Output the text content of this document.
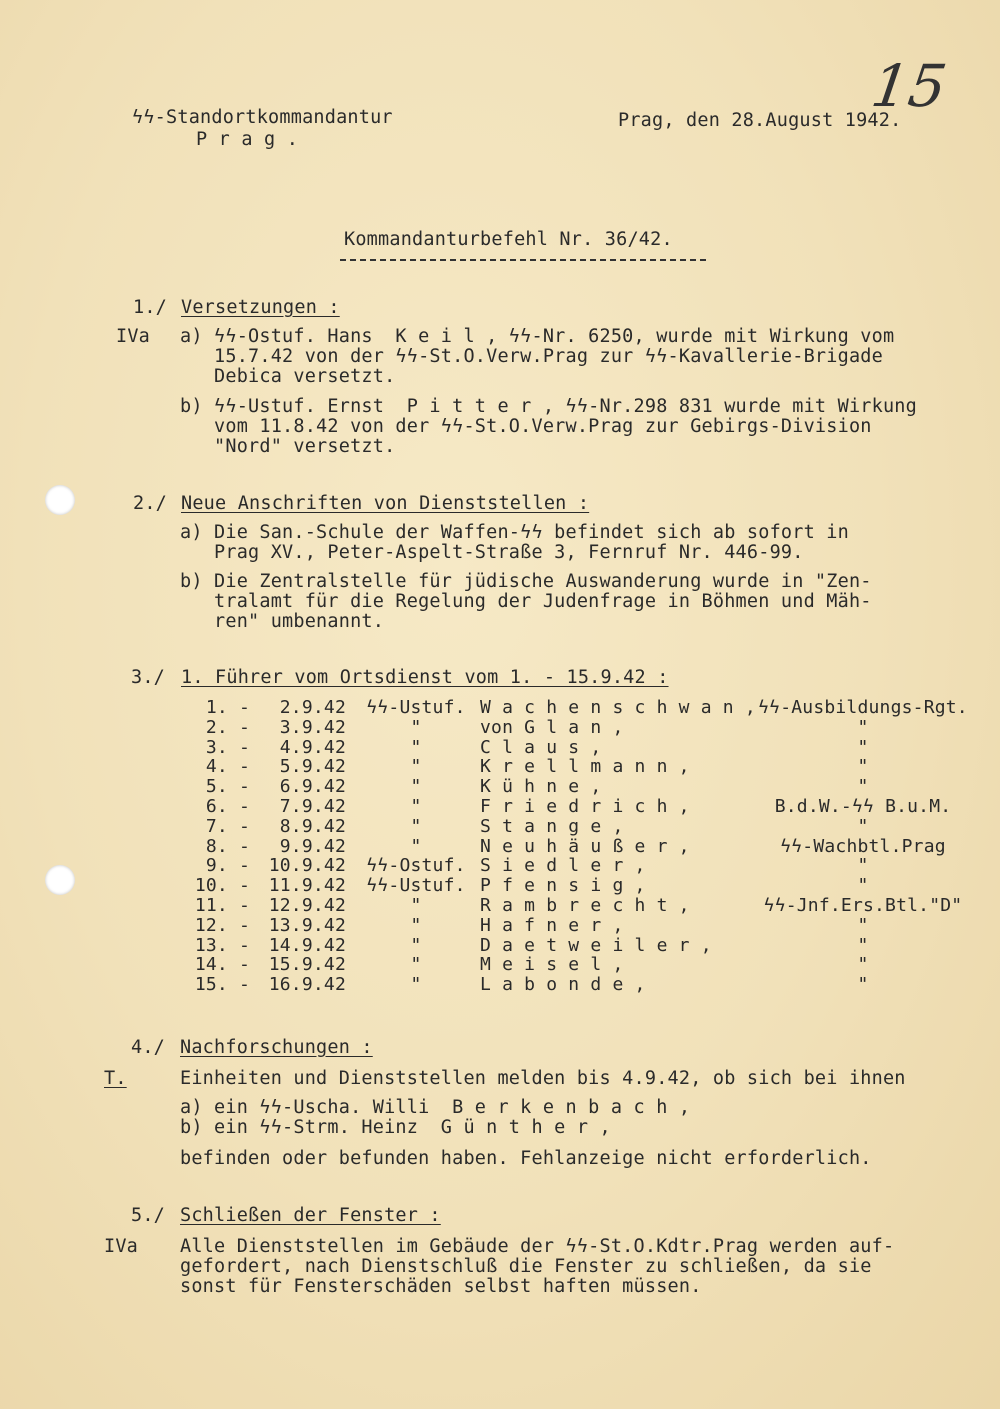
15
ϟϟ-Standortkommandantur
P r a g .
Prag, den 28.August 1942.
Kommandanturbefehl Nr. 36/42.
1./ Versetzungen :
IVa a) ϟϟ-Ostuf. Hans  K e i l , ϟϟ-Nr. 6250, wurde mit Wirkung vom
15.7.42 von der ϟϟ-St.O.Verw.Prag zur ϟϟ-Kavallerie-Brigade
Debica versetzt.
b) ϟϟ-Ustuf. Ernst  P i t t e r , ϟϟ-Nr.298 831 wurde mit Wirkung
vom 11.8.42 von der ϟϟ-St.O.Verw.Prag zur Gebirgs-Division
"Nord" versetzt.
2./ Neue Anschriften von Dienststellen :
a) Die San.-Schule der Waffen-ϟϟ befindet sich ab sofort in
Prag XV., Peter-Aspelt-Straße 3, Fernruf Nr. 446-99.
b) Die Zentralstelle für jüdische Auswanderung wurde in "Zen-
tralamt für die Regelung der Judenfrage in Böhmen und Mäh-
ren" umbenannt.
3./ 1. Führer vom Ortsdienst vom 1. - 15.9.42 :
1. -	2.9.42 ϟϟ-Ustuf. W a c h e n s c h w a n , ϟϟ-Ausbildungs-Rgt.
2. -	3.9.42	"	von G l a n ,	"
3. -	4.9.42	"	C l a u s ,	"
4. -	5.9.42	"	K r e l l m a n n ,	"
5. -	6.9.42	"	K ü h n e ,	"
6. -	7.9.42	"	F r i e d r i c h ,	B.d.W.-ϟϟ B.u.M.
7. -	8.9.42	"	S t a n g e ,	"
8. -	9.9.42	"	N e u h ä u ß e r ,	ϟϟ-Wachbtl.Prag
9. -	10.9.42 ϟϟ-Ostuf. S i e d l e r ,	"
10. -	11.9.42 ϟϟ-Ustuf. P f e n s i g ,	"
11. -	12.9.42	"	R a m b r e c h t ,	ϟϟ-Jnf.Ers.Btl."D"
12. -	13.9.42	"	H a f n e r ,	"
13. -	14.9.42	"	D a e t w e i l e r ,	"
14. -	15.9.42	"	M e i s e l ,	"
15. -	16.9.42	"	L a b o n d e ,	"
4./ Nachforschungen :
T.	Einheiten und Dienststellen melden bis 4.9.42, ob sich bei ihnen
a) ein ϟϟ-Uscha. Willi  B e r k e n b a c h ,
b) ein ϟϟ-Strm. Heinz  G ü n t h e r ,
befinden oder befunden haben. Fehlanzeige nicht erforderlich.
5./ Schließen der Fenster :
IVa Alle Dienststellen im Gebäude der ϟϟ-St.O.Kdtr.Prag werden auf-
gefordert, nach Dienstschluß die Fenster zu schließen, da sie
sonst für Fensterschäden selbst haften müssen.
